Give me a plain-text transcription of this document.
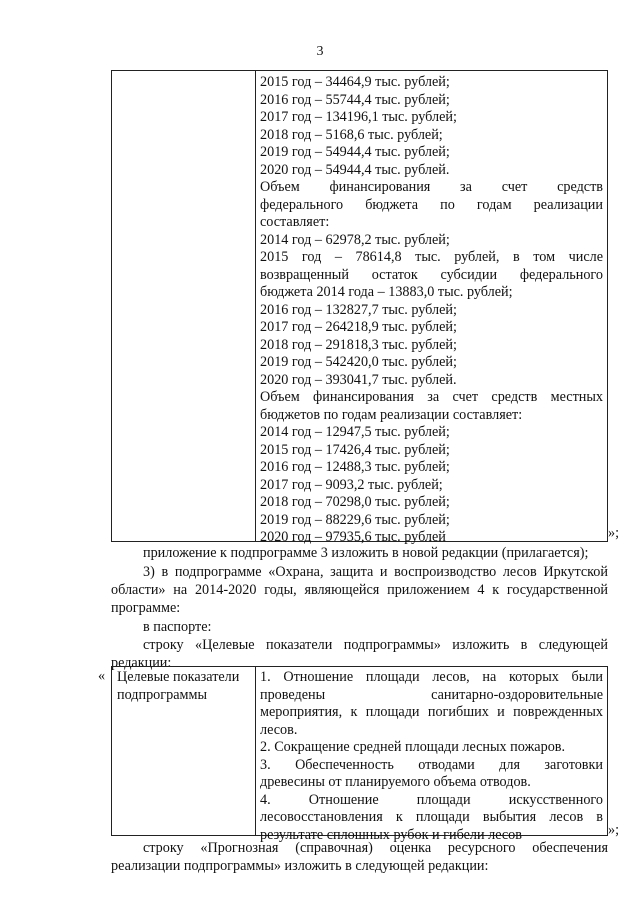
3
2015 год – 34464,9 тыс. рублей;
2016 год – 55744,4 тыс. рублей;
2017 год – 134196,1 тыс. рублей;
2018 год – 5168,6 тыс. рублей;
2019 год – 54944,4 тыс. рублей;
2020 год – 54944,4 тыс. рублей.
Объем финансирования за счет средств
федерального бюджета по годам реализации
составляет:
2014 год – 62978,2 тыс. рублей;
2015 год – 78614,8 тыс. рублей, в том числе
возвращенный остаток субсидии федерального
бюджета 2014 года – 13883,0 тыс. рублей;
2016 год – 132827,7 тыс. рублей;
2017 год – 264218,9 тыс. рублей;
2018 год – 291818,3 тыс. рублей;
2019 год – 542420,0 тыс. рублей;
2020 год – 393041,7 тыс. рублей.
Объем финансирования за счет средств местных
бюджетов по годам реализации составляет:
2014 год – 12947,5 тыс. рублей;
2015 год – 17426,4 тыс. рублей;
2016 год – 12488,3 тыс. рублей;
2017 год – 9093,2 тыс. рублей;
2018 год – 70298,0 тыс. рублей;
2019 год – 88229,6 тыс. рублей;
2020 год – 97935,6 тыс. рублей	»;
приложение к подпрограмме 3 изложить в новой редакции (прилагается);
3) в подпрограмме «Охрана, защита и воспроизводство лесов Иркутской
области» на 2014-2020 годы, являющейся приложением 4 к государственной
программе:
в паспорте:
строку «Целевые показатели подпрограммы» изложить в следующей
редакции:
« Целевые показатели
подпрограммы
1. Отношение площади лесов, на которых были
проведены санитарно-оздоровительные
мероприятия, к площади погибших и поврежденных
лесов.
2. Сокращение средней площади лесных пожаров.
3. Обеспеченность отводами для заготовки
древесины от планируемого объема отводов.
4. Отношение площади искусственного
лесовосстановления к площади выбытия лесов в
результате сплошных рубок и гибели лесов	»;
строку «Прогнозная (справочная) оценка ресурсного обеспечения
реализации подпрограммы» изложить в следующей редакции:
